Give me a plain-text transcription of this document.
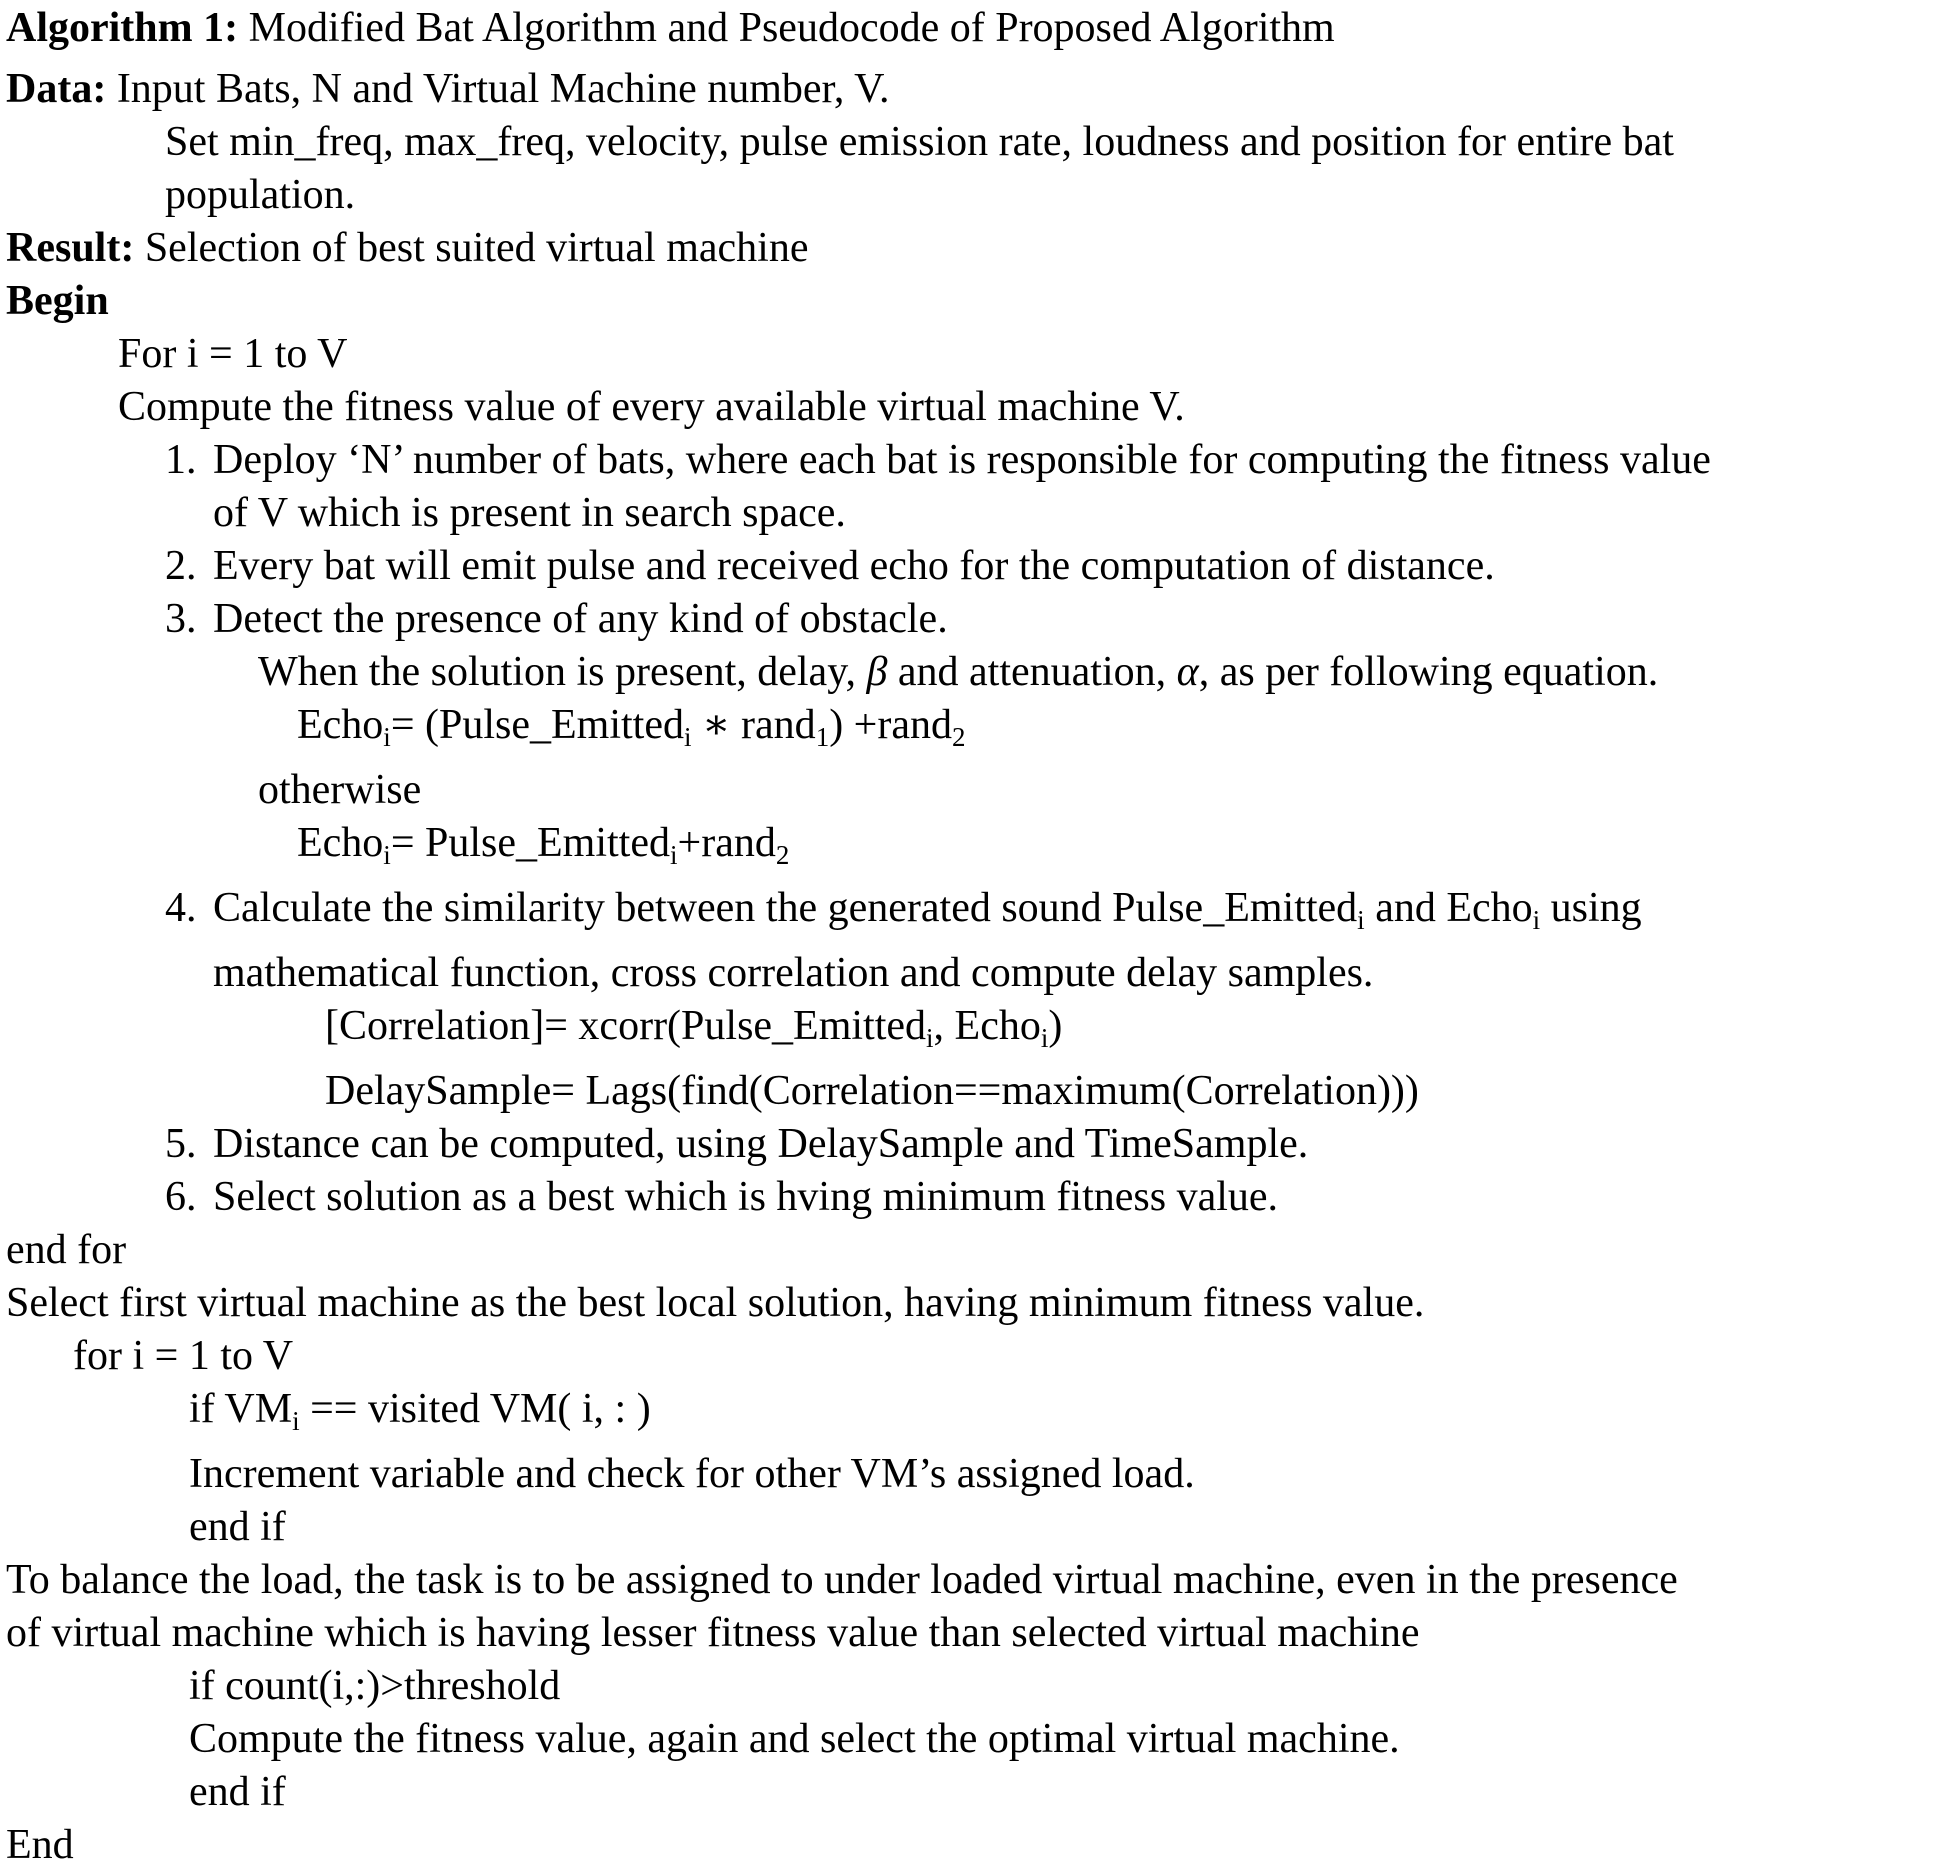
Algorithm 1: Modified Bat Algorithm and Pseudocode of Proposed Algorithm
Data: Input Bats, N and Virtual Machine number, V.
Set min_freq, max_freq, velocity, pulse emission rate, loudness and position for entire bat
population.
Result: Selection of best suited virtual machine
Begin
For i = 1 to V
Compute the fitness value of every available virtual machine V.
1. Deploy ‘N’ number of bats, where each bat is responsible for computing the fitness value
of V which is present in search space.
2. Every bat will emit pulse and received echo for the computation of distance.
3. Detect the presence of any kind of obstacle.
When the solution is present, delay, β and attenuation, α, as per following equation.
Echoi= (Pulse_Emittedi ∗ rand1) +rand2
otherwise
Echoi= Pulse_Emittedi+rand2
4. Calculate the similarity between the generated sound Pulse_Emittedi and Echoi using
mathematical function, cross correlation and compute delay samples.
[Correlation]= xcorr(Pulse_Emittedi, Echoi)
DelaySample= Lags(find(Correlation==maximum(Correlation)))
5. Distance can be computed, using DelaySample and TimeSample.
6. Select solution as a best which is hving minimum fitness value.
end for
Select first virtual machine as the best local solution, having minimum fitness value.
for i = 1 to V
if VMi == visited VM( i, : )
Increment variable and check for other VM’s assigned load.
end if
To balance the load, the task is to be assigned to under loaded virtual machine, even in the presence
of virtual machine which is having lesser fitness value than selected virtual machine
if count(i,:)>threshold
Compute the fitness value, again and select the optimal virtual machine.
end if
End
